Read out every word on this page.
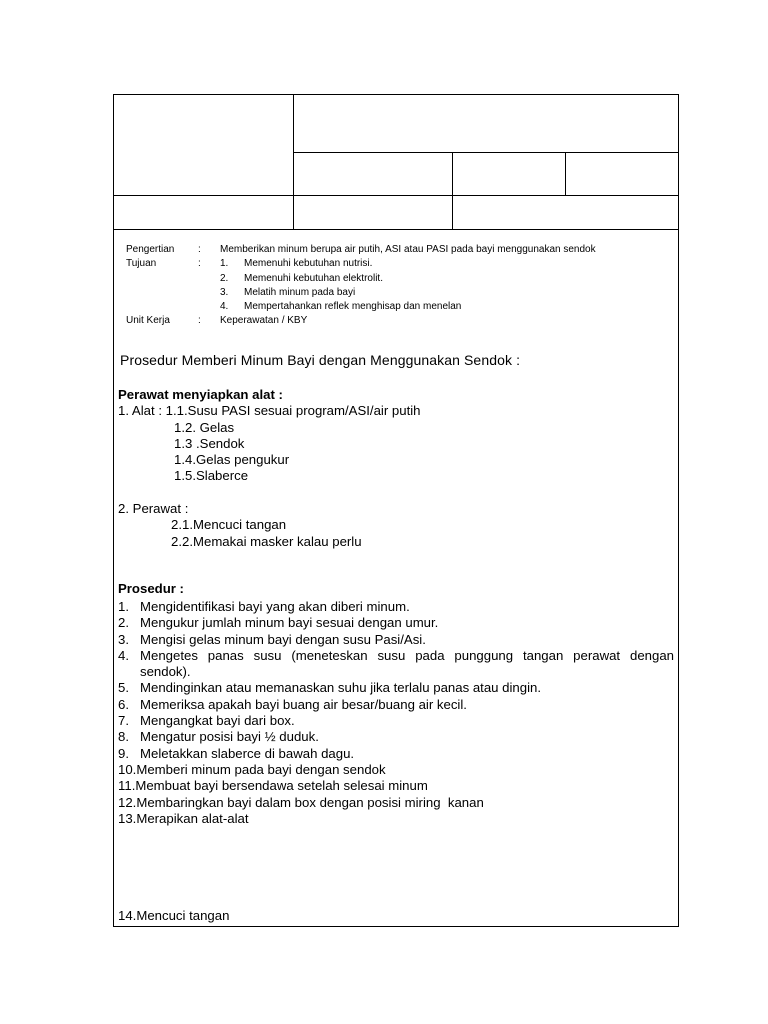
Pengertian	:	Memberikan minum berupa air putih, ASI atau PASI pada bayi menggunakan sendok
Tujuan	:	1.	Memenuhi kebutuhan nutrisi.
2.	Memenuhi kebutuhan elektrolit.
3.	Melatih minum pada bayi
4.	Mempertahankan reflek menghisap dan menelan
Unit Kerja	:	Keperawatan / KBY
Prosedur Memberi Minum Bayi dengan Menggunakan Sendok :
Perawat menyiapkan alat :
1. Alat : 1.1.Susu PASI sesuai program/ASI/air putih
1.2. Gelas
1.3 .Sendok
1.4.Gelas pengukur
1.5.Slaberce
2. Perawat :
2.1.Mencuci tangan
2.2.Memakai masker kalau perlu
Prosedur :
1. Mengidentifikasi bayi yang akan diberi minum.
2. Mengukur jumlah minum bayi sesuai dengan umur.
3. Mengisi gelas minum bayi dengan susu Pasi/Asi.
4. Mengetes panas susu (meneteskan susu pada punggung tangan perawat dengan
sendok).
5. Mendinginkan atau memanaskan suhu jika terlalu panas atau dingin.
6. Memeriksa apakah bayi buang air besar/buang air kecil.
7. Mengangkat bayi dari box.
8. Mengatur posisi bayi ½ duduk.
9. Meletakkan slaberce di bawah dagu.
10. Memberi minum pada bayi dengan sendok
11. Membuat bayi bersendawa setelah selesai minum
12. Membaringkan bayi dalam box dengan posisi miring  kanan
13. Merapikan alat-alat
14.Mencuci tangan
